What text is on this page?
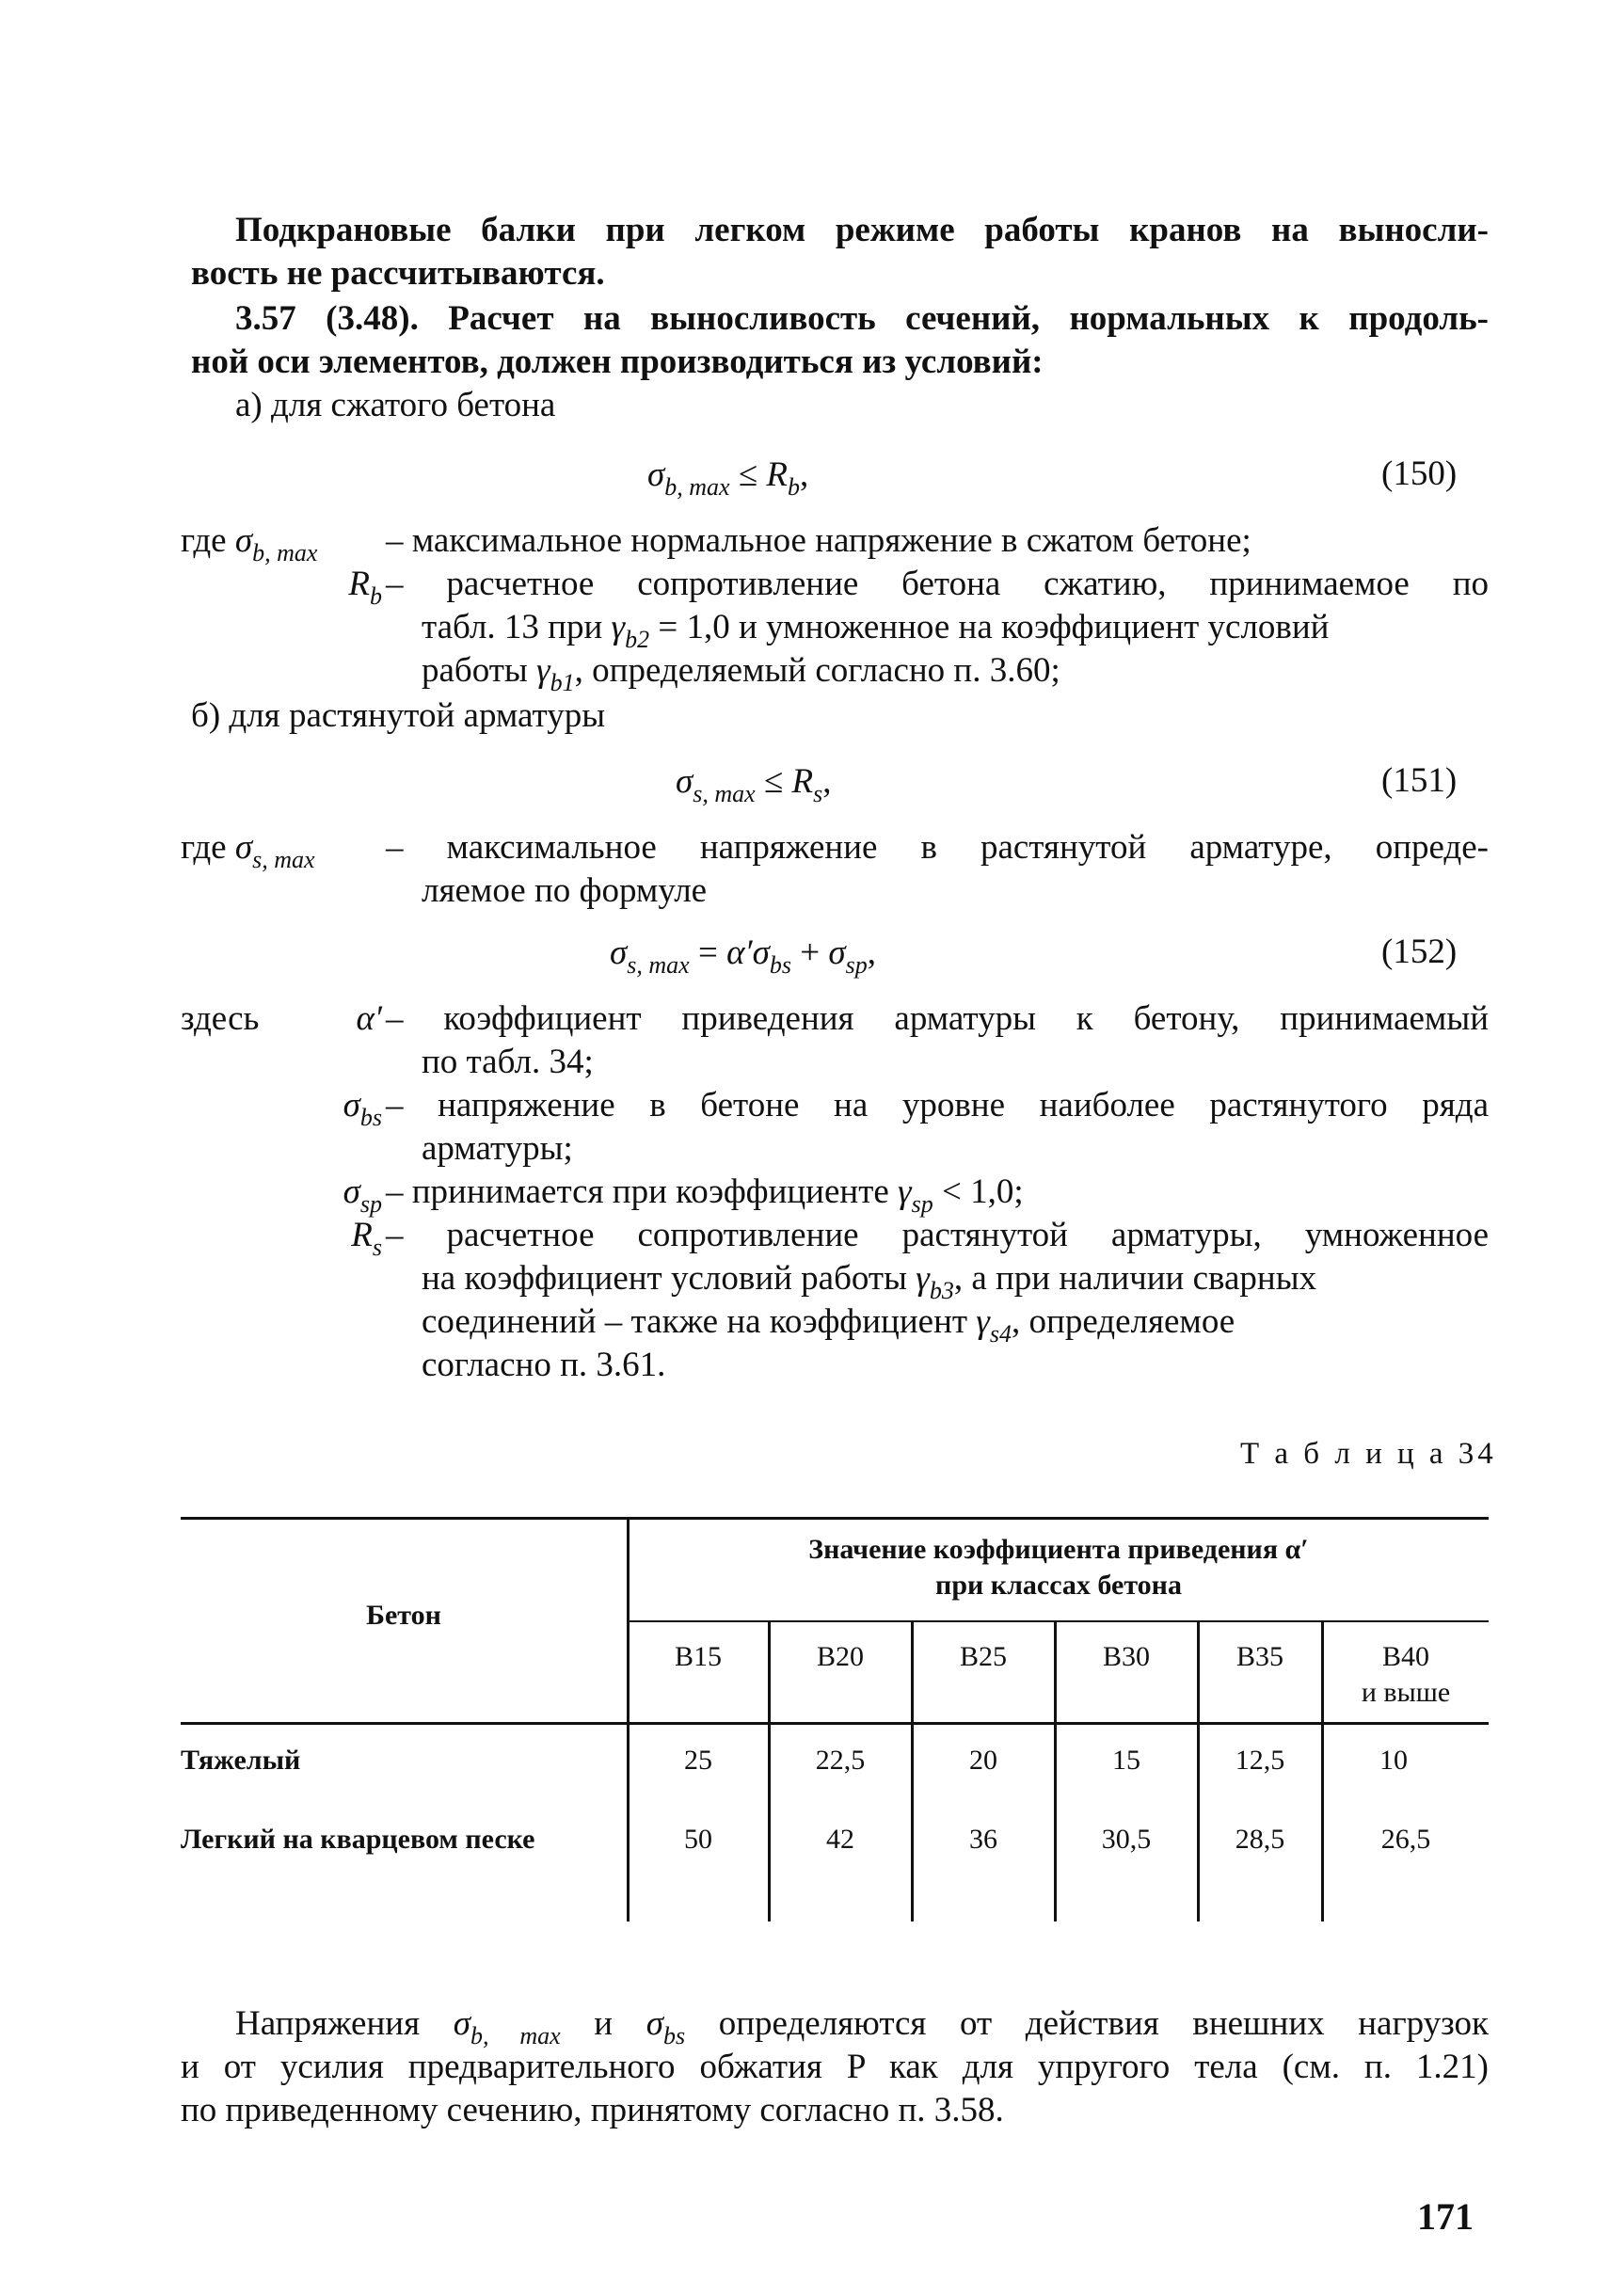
Подкрановые балки при легком режиме работы кранов на выносли-
вость не рассчитываются.
3.57 (3.48). Расчет на выносливость сечений, нормальных к продоль-
ной оси элементов, должен производиться из условий:
а) для сжатого бетона
$\sigma_{b, max} \le R_b$,	(150)
где $\sigma_{b, max}$ – максимальное нормальное напряжение в сжатом бетоне;
$R_b$ – расчетное сопротивление бетона сжатию, принимаемое по
табл. 13 при $\gamma_{b2} = 1,0$ и умноженное на коэффициент условий
работы $\gamma_{b1}$, определяемый согласно п. 3.60;
б) для растянутой арматуры
$\sigma_{s, max} \le R_s$,	(151)
где $\sigma_{s, max}$ – максимальное напряжение в растянутой арматуре, опреде-
ляемое по формуле
$\sigma_{s, max} = \alpha'\sigma_{bs} + \sigma_{sp}$,	(152)
здесь	α′ – коэффициент приведения арматуры к бетону, принимаемый
по табл. 34;
$\sigma_{bs}$ – напряжение в бетоне на уровне наиболее растянутого ряда
арматуры;
$\sigma_{sp}$ – принимается при коэффициенте $\gamma_{sp} < 1,0$;
$R_s$ – расчетное сопротивление растянутой арматуры, умноженное
на коэффициент условий работы $\gamma_{b3}$, а при наличии сварных
соединений – также на коэффициент $\gamma_{s4}$, определяемое
согласно п. 3.61.
Т а б л и ц а 34
Бетон
Значение коэффициента приведения α′
при классах бетона
B15	B20	B25	B30	B35	B40
и выше
Тяжелый	25	22,5	20	15	12,5	10
Легкий на кварцевом песке	50	42	36	30,5	28,5	26,5
Напряжения $\sigma_{b, max}$ и $\sigma_{bs}$ определяются от действия внешних нагрузок
и от усилия предварительного обжатия P как для упругого тела (см. п. 1.21)
по приведенному сечению, принятому согласно п. 3.58.
171
